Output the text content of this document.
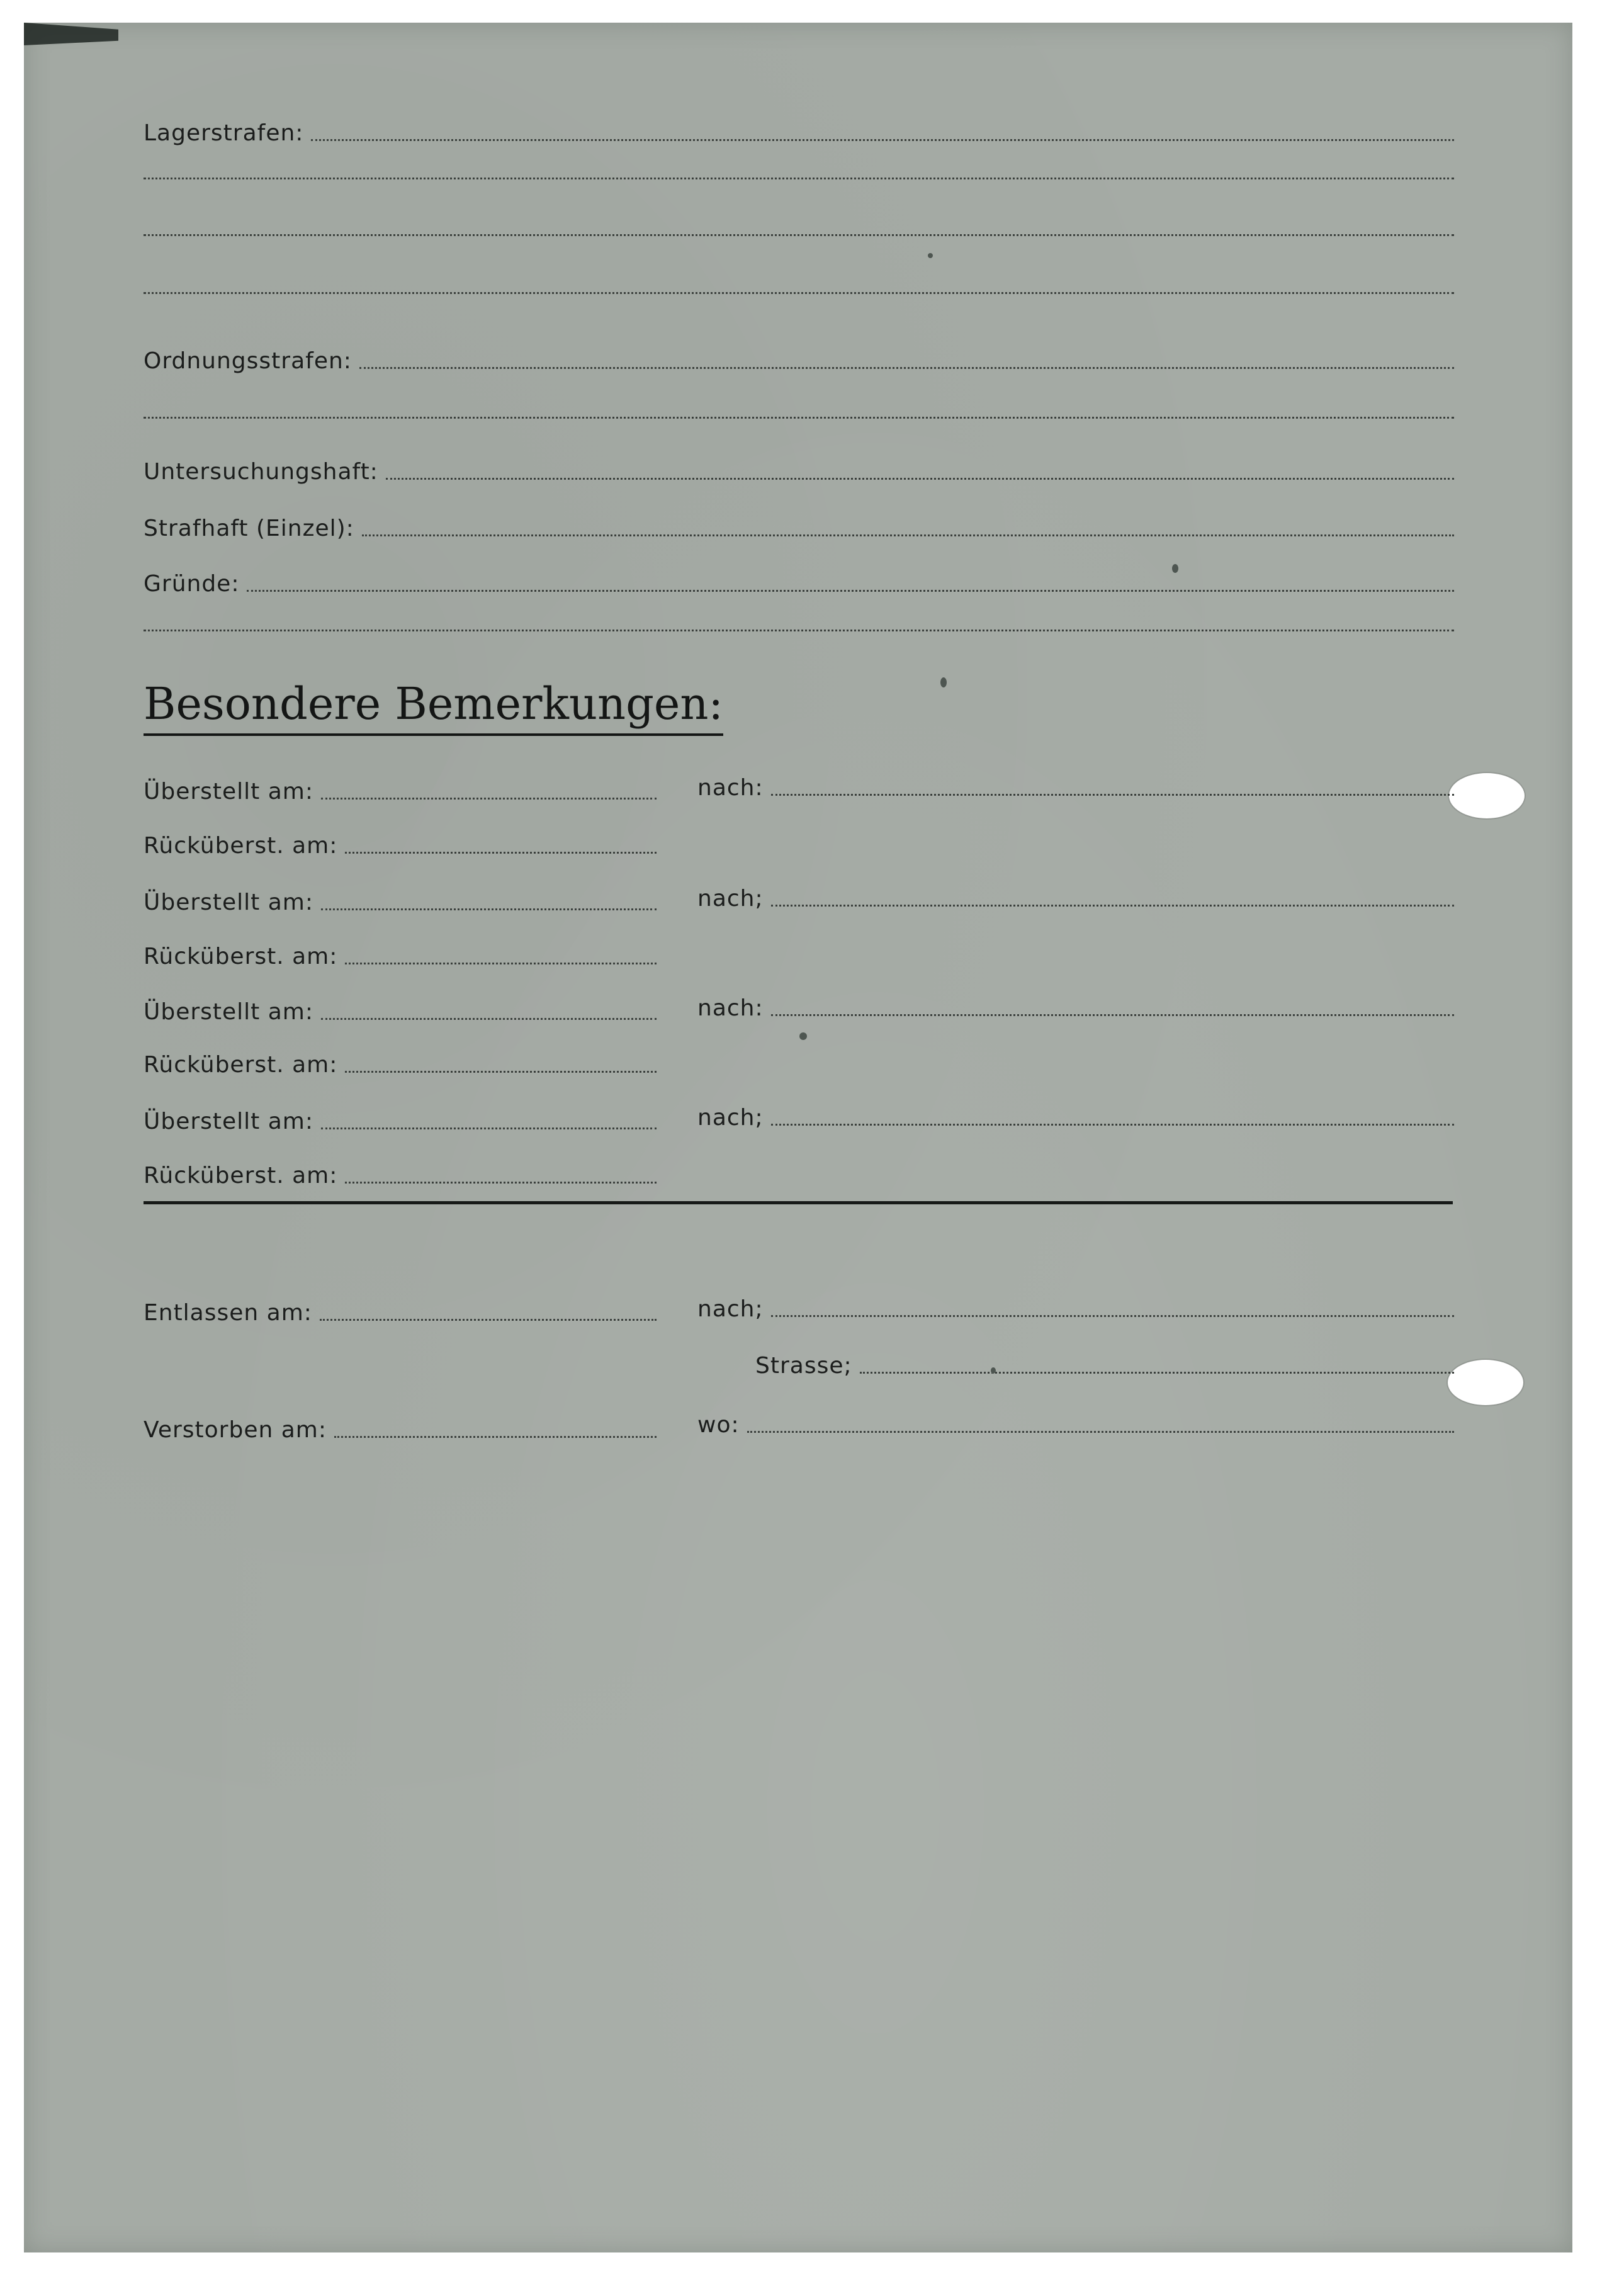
Lagerstrafen:
Ordnungsstrafen:
Untersuchungshaft:
Strafhaft (Einzel):
Gründe:
Besondere Bemerkungen:
Überstellt am:	nach:
Rücküberst. am:
Überstellt am:	nach;
Rücküberst. am:
Überstellt am:	nach:
Rücküberst. am:
Überstellt am:	nach;
Rücküberst. am:
Entlassen am:	nach;
Strasse;
Verstorben am:	wo:
